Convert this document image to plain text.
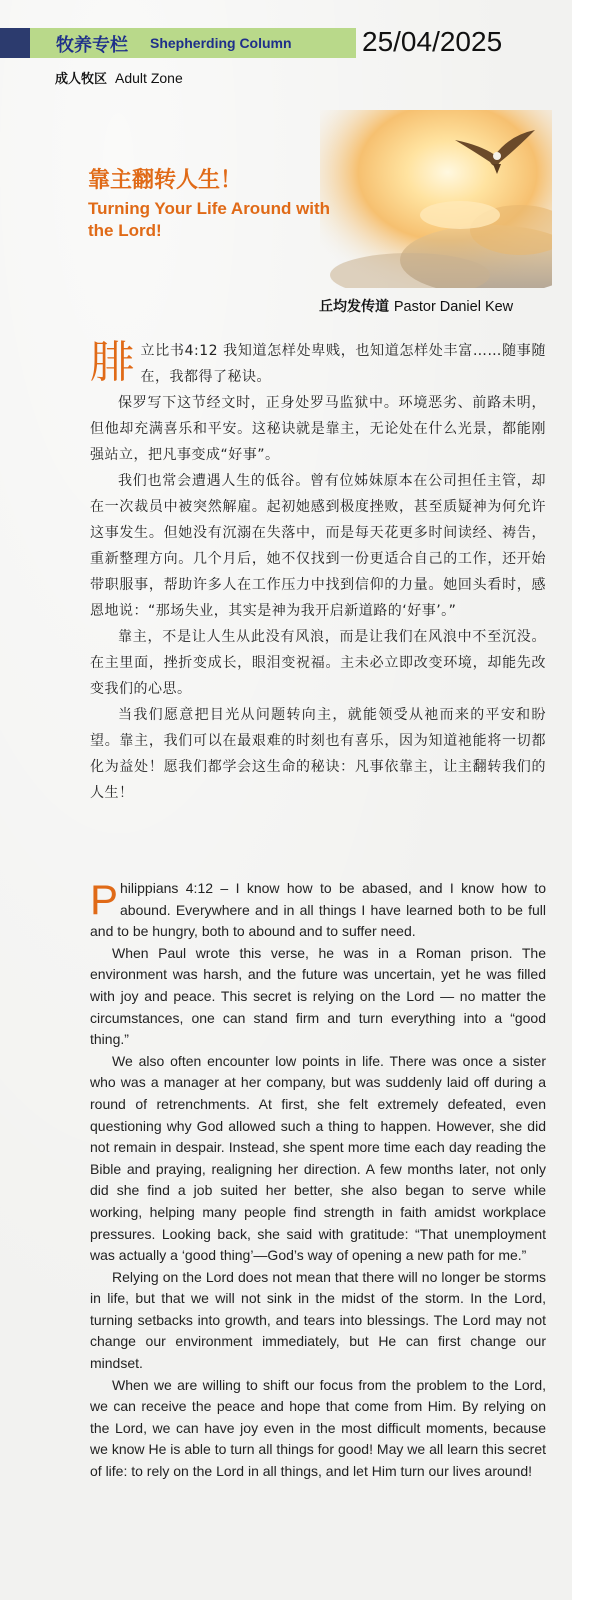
牧养专栏 Shepherding Column	25/04/2025
成人牧区 Adult Zone
靠主翻转人生！
Turning Your Life Around with the Lord!
丘均发传道 Pastor Daniel Kew

腓立比书4:12 我知道怎样处卑贱，也知道怎样处丰富……随事随在，我都得了秘诀。

保罗写下这节经文时，正身处罗马监狱中。环境恶劣、前路未明，但他却充满喜乐和平安。这秘诀就是靠主，无论处在什么光景，都能刚强站立，把凡事变成“好事”。

我们也常会遭遇人生的低谷。曾有位姊妹原本在公司担任主管，却在一次裁员中被突然解雇。起初她感到极度挫败，甚至质疑神为何允许这事发生。但她没有沉溺在失落中，而是每天花更多时间读经、祷告，重新整理方向。几个月后，她不仅找到一份更适合自己的工作，还开始带职服事，帮助许多人在工作压力中找到信仰的力量。她回头看时，感恩地说：“那场失业，其实是神为我开启新道路的‘好事’。”

靠主，不是让人生从此没有风浪，而是让我们在风浪中不至沉没。在主里面，挫折变成长，眼泪变祝福。主未必立即改变环境，却能先改变我们的心思。

当我们愿意把目光从问题转向主，就能领受从祂而来的平安和盼望。靠主，我们可以在最艰难的时刻也有喜乐，因为知道祂能将一切都化为益处！愿我们都学会这生命的秘诀：凡事依靠主，让主翻转我们的人生！

Philippians 4:12 – I know how to be abased, and I know how to abound. Everywhere and in all things I have learned both to be full and to be hungry, both to abound and to suffer need.

When Paul wrote this verse, he was in a Roman prison. The environment was harsh, and the future was uncertain, yet he was filled with joy and peace. This secret is relying on the Lord — no matter the circumstances, one can stand firm and turn everything into a “good thing.”

We also often encounter low points in life. There was once a sister who was a manager at her company, but was suddenly laid off during a round of retrenchments. At first, she felt extremely defeated, even questioning why God allowed such a thing to happen. However, she did not remain in despair. Instead, she spent more time each day reading the Bible and praying, realigning her direction. A few months later, not only did she find a job suited her better, she also began to serve while working, helping many people find strength in faith amidst workplace pressures. Looking back, she said with gratitude: “That unemployment was actually a ‘good thing’—God’s way of opening a new path for me.”

Relying on the Lord does not mean that there will no longer be storms in life, but that we will not sink in the midst of the storm. In the Lord, turning setbacks into growth, and tears into blessings. The Lord may not change our environment immediately, but He can first change our mindset.

When we are willing to shift our focus from the problem to the Lord, we can receive the peace and hope that come from Him. By relying on the Lord, we can have joy even in the most difficult moments, because we know He is able to turn all things for good! May we all learn this secret of life: to rely on the Lord in all things, and let Him turn our lives around!
